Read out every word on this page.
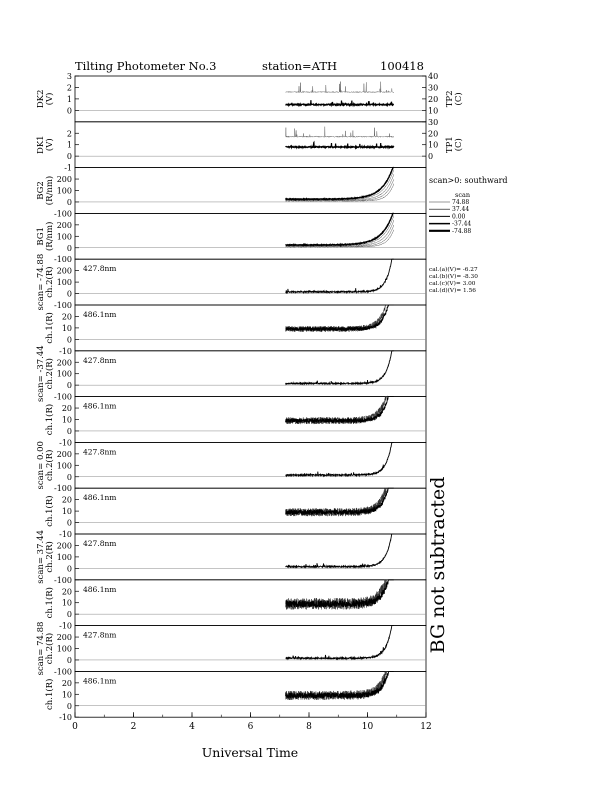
Tilting Photometer No.3	station=ATH	100418
0
1
2
3
DK2 (V)
10
20
30
40
TP2 (C)
-1
0
1
2
DK1 (V)
0
10
20
30
TP1 (C)
-100
0
100
200
BG2 (R/nm)
-100
0
100
200
BG1 (R/nm)
-100
0
100
200
scan= -74.88 ch.2(R)	427.8nm
-10
0
10
20
ch.1(R)	486.1nm
-100
0
100
200
scan= -37.44 ch.2(R)	427.8nm
-10
0
10
20
ch.1(R)	486.1nm
-100
0
100
200
scan= 0.00 ch.2(R)	427.8nm
-10
0
10
20
ch.1(R)	486.1nm
-100
0
100
200
scan= 37.44 ch.2(R)	427.8nm
-10
0
10
20
ch.1(R)	486.1nm
-100
0
100
200
scan= 74.88 ch.2(R)	427.8nm
-10
0
10
20
ch.1(R)	486.1nm
0	2	4	6	8	10	12
Universal Time
scan>0: southward
scan
74.88
37.44
0.00
-37.44
-74.88
cal.(a)(V)= -6.27
cal.(b)(V)= -8.30
cal.(c)(V)= 3.00
cal.(d)(V)= 1.56
BG not subtracted
